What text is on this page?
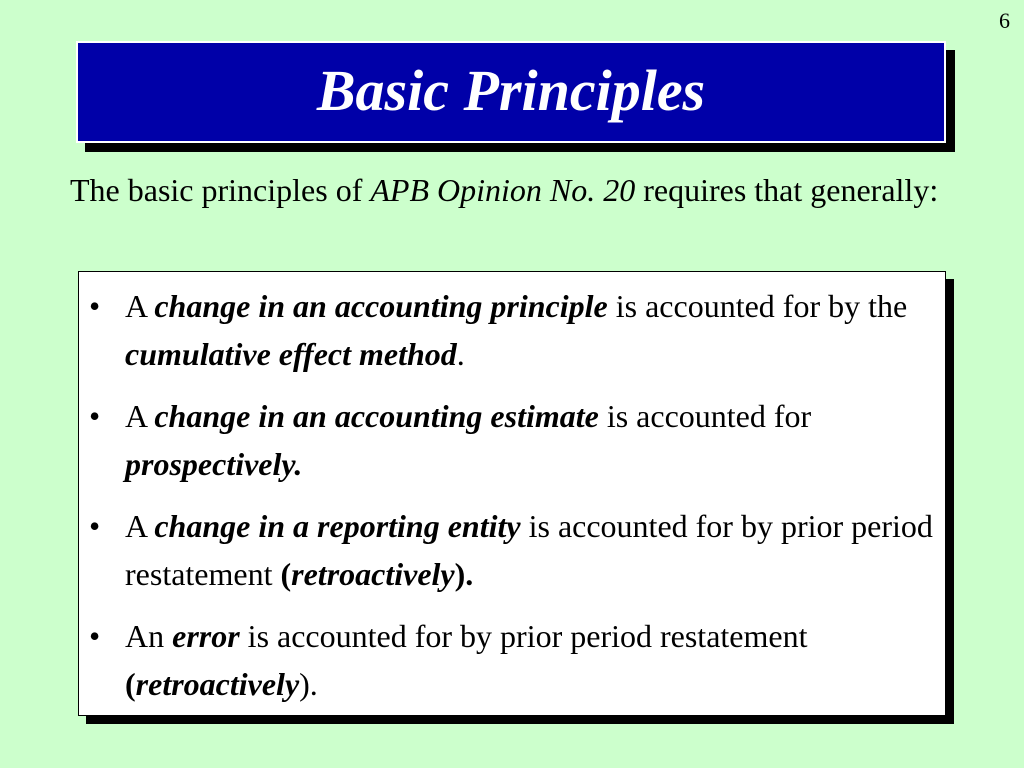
6
Basic Principles
The basic principles of APB Opinion No. 20 requires that generally:
• A change in an accounting principle is accounted for by the cumulative effect method.
• A change in an accounting estimate is accounted for prospectively.
• A change in a reporting entity is accounted for by prior period restatement (retroactively).
• An error is accounted for by prior period restatement (retroactively).
